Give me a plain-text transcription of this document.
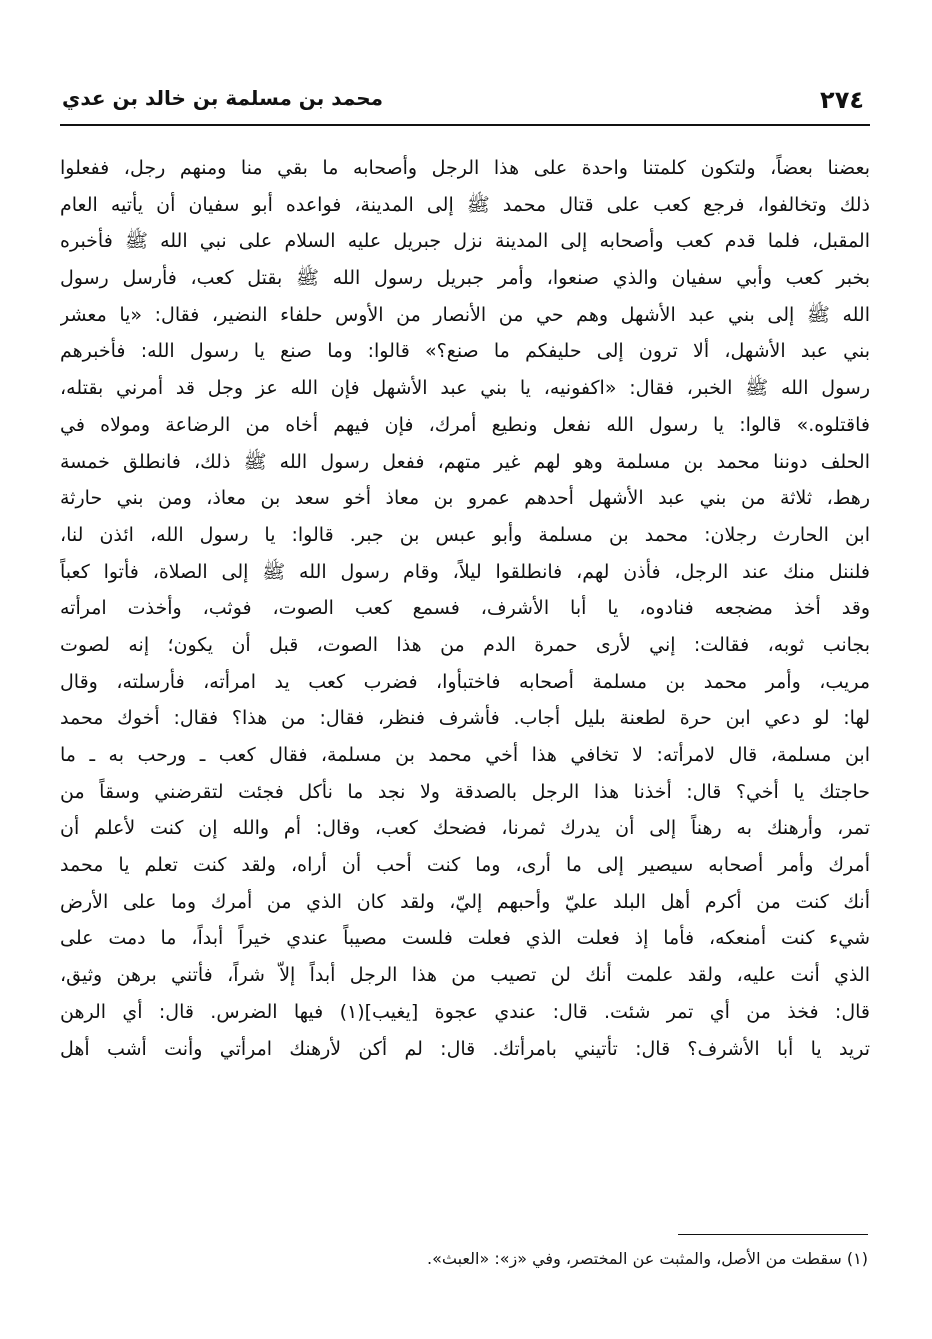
٢٧٤
محمد بن مسلمة بن خالد بن عدي
بعضنا بعضاً، ولتكون كلمتنا واحدة على هذا الرجل وأصحابه ما بقي منا ومنهم رجل، ففعلوا
ذلك وتخالفوا، فرجع كعب على قتال محمد ﷺ إلى المدينة، فواعده أبو سفيان أن يأتيه العام
المقبل، فلما قدم كعب وأصحابه إلى المدينة نزل جبريل عليه السلام على نبي الله ﷺ فأخبره
بخبر كعب وأبي سفيان والذي صنعوا، وأمر جبريل رسول الله ﷺ بقتل كعب، فأرسل رسول
الله ﷺ إلى بني عبد الأشهل وهم حي من الأنصار من الأوس حلفاء النضير، فقال: «يا معشر
بني عبد الأشهل، ألا ترون إلى حليفكم ما صنع؟» قالوا: وما صنع يا رسول الله: فأخبرهم
رسول الله ﷺ الخبر، فقال: «اكفونيه، يا بني عبد الأشهل فإن الله عز وجل قد أمرني بقتله،
فاقتلوه.» قالوا: يا رسول الله نفعل ونطيع أمرك، فإن فيهم أخاه من الرضاعة ومولاه في
الحلف دوننا محمد بن مسلمة وهو لهم غير متهم، ففعل رسول الله ﷺ ذلك، فانطلق خمسة
رهط، ثلاثة من بني عبد الأشهل أحدهم عمرو بن معاذ أخو سعد بن معاذ، ومن بني حارثة
ابن الحارث رجلان: محمد بن مسلمة وأبو عبس بن جبر. قالوا: يا رسول الله، ائذن لنا،
فلننل منك عند الرجل، فأذن لهم، فانطلقوا ليلاً، وقام رسول الله ﷺ إلى الصلاة، فأتوا كعباً
وقد أخذ مضجعه فنادوه، يا أبا الأشرف، فسمع كعب الصوت، فوثب، وأخذت امرأته
بجانب ثوبه، فقالت: إني لأرى حمرة الدم من هذا الصوت، قبل أن يكون؛ إنه لصوت
مريب، وأمر محمد بن مسلمة أصحابه فاختبأوا، فضرب كعب يد امرأته، فأرسلته، وقال
لها: لو دعي ابن حرة لطعنة بليل أجاب. فأشرف فنظر، فقال: من هذا؟ فقال: أخوك محمد
ابن مسلمة، قال لامرأته: لا تخافي هذا أخي محمد بن مسلمة، فقال كعب ـ ورحب به ـ ما
حاجتك يا أخي؟ قال: أخذنا هذا الرجل بالصدقة ولا نجد ما نأكل فجئت لتقرضني وسقاً من
تمر، وأرهنك به رهناً إلى أن يدرك ثمرنا، فضحك كعب، وقال: أم والله إن كنت لأعلم أن
أمرك وأمر أصحابه سيصير إلى ما أرى، وما كنت أحب أن أراه، ولقد كنت تعلم يا محمد
أنك كنت من أكرم أهل البلد عليّ وأحبهم إليّ، ولقد كان الذي من أمرك وما على الأرض
شيء كنت أمنعكه، فأما إذ فعلت الذي فعلت فلست مصيباً عندي خيراً أبداً، ما دمت على
الذي أنت عليه، ولقد علمت أنك لن تصيب من هذا الرجل أبداً إلاّ شراً، فأتني برهن وثيق،
قال: فخذ من أي تمر شئت. قال: عندي عجوة [يغيب](١) فيها الضرس. قال: أي الرهن
تريد يا أبا الأشرف؟ قال: تأتيني بامرأتك. قال: لم أكن لأرهنك امرأتي وأنت أشب أهل
(١) سقطت من الأصل، والمثبت عن المختصر، وفي «ز»: «العبث».
